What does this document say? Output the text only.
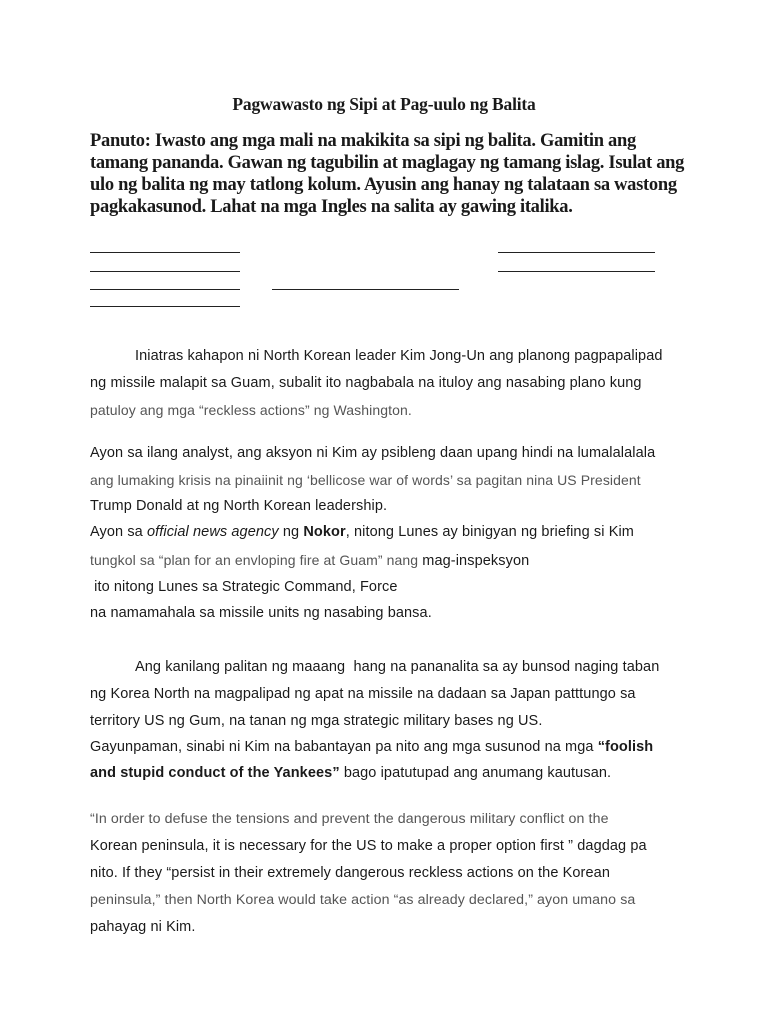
Pagwawasto ng Sipi at Pag-uulo ng Balita
Panuto: Iwasto ang mga mali na makikita sa sipi ng balita. Gamitin ang
tamang pananda. Gawan ng tagubilin at maglagay ng tamang islag. Isulat ang
ulo ng balita ng may tatlong kolum. Ayusin ang hanay ng talataan sa wastong
pagkakasunod. Lahat na mga Ingles na salita ay gawing italika.
Iniatras kahapon ni North Korean leader Kim Jong-Un ang planong pagpapalipad
ng missile malapit sa Guam, subalit ito nagbabala na ituloy ang nasabing plano kung
patuloy ang mga “reckless actions” ng Washington.
Ayon sa ilang analyst, ang aksyon ni Kim ay psibleng daan upang hindi na lumalalalala
ang lumaking krisis na pinaiinit ng ‘bellicose war of words’ sa pagitan nina US President
Trump Donald at ng North Korean leadership.
Ayon sa official news agency ng Nokor, nitong Lunes ay binigyan ng briefing si Kim
tungkol sa “plan for an envloping fire at Guam” nang mag-inspeksyon
ito nitong Lunes sa Strategic Command, Force
na namamahala sa missile units ng nasabing bansa.
Ang kanilang palitan ng maaang  hang na pananalita sa ay bunsod naging taban
ng Korea North na magpalipad ng apat na missile na dadaan sa Japan patttungo sa
territory US ng Gum, na tanan ng mga strategic military bases ng US.
Gayunpaman, sinabi ni Kim na babantayan pa nito ang mga susunod na mga “foolish
and stupid conduct of the Yankees” bago ipatutupad ang anumang kautusan.
“In order to defuse the tensions and prevent the dangerous military conflict on the
Korean peninsula, it is necessary for the US to make a proper option first ” dagdag pa
nito. If they “persist in their extremely dangerous reckless actions on the Korean
peninsula,” then North Korea would take action “as already declared,” ayon umano sa
pahayag ni Kim.
